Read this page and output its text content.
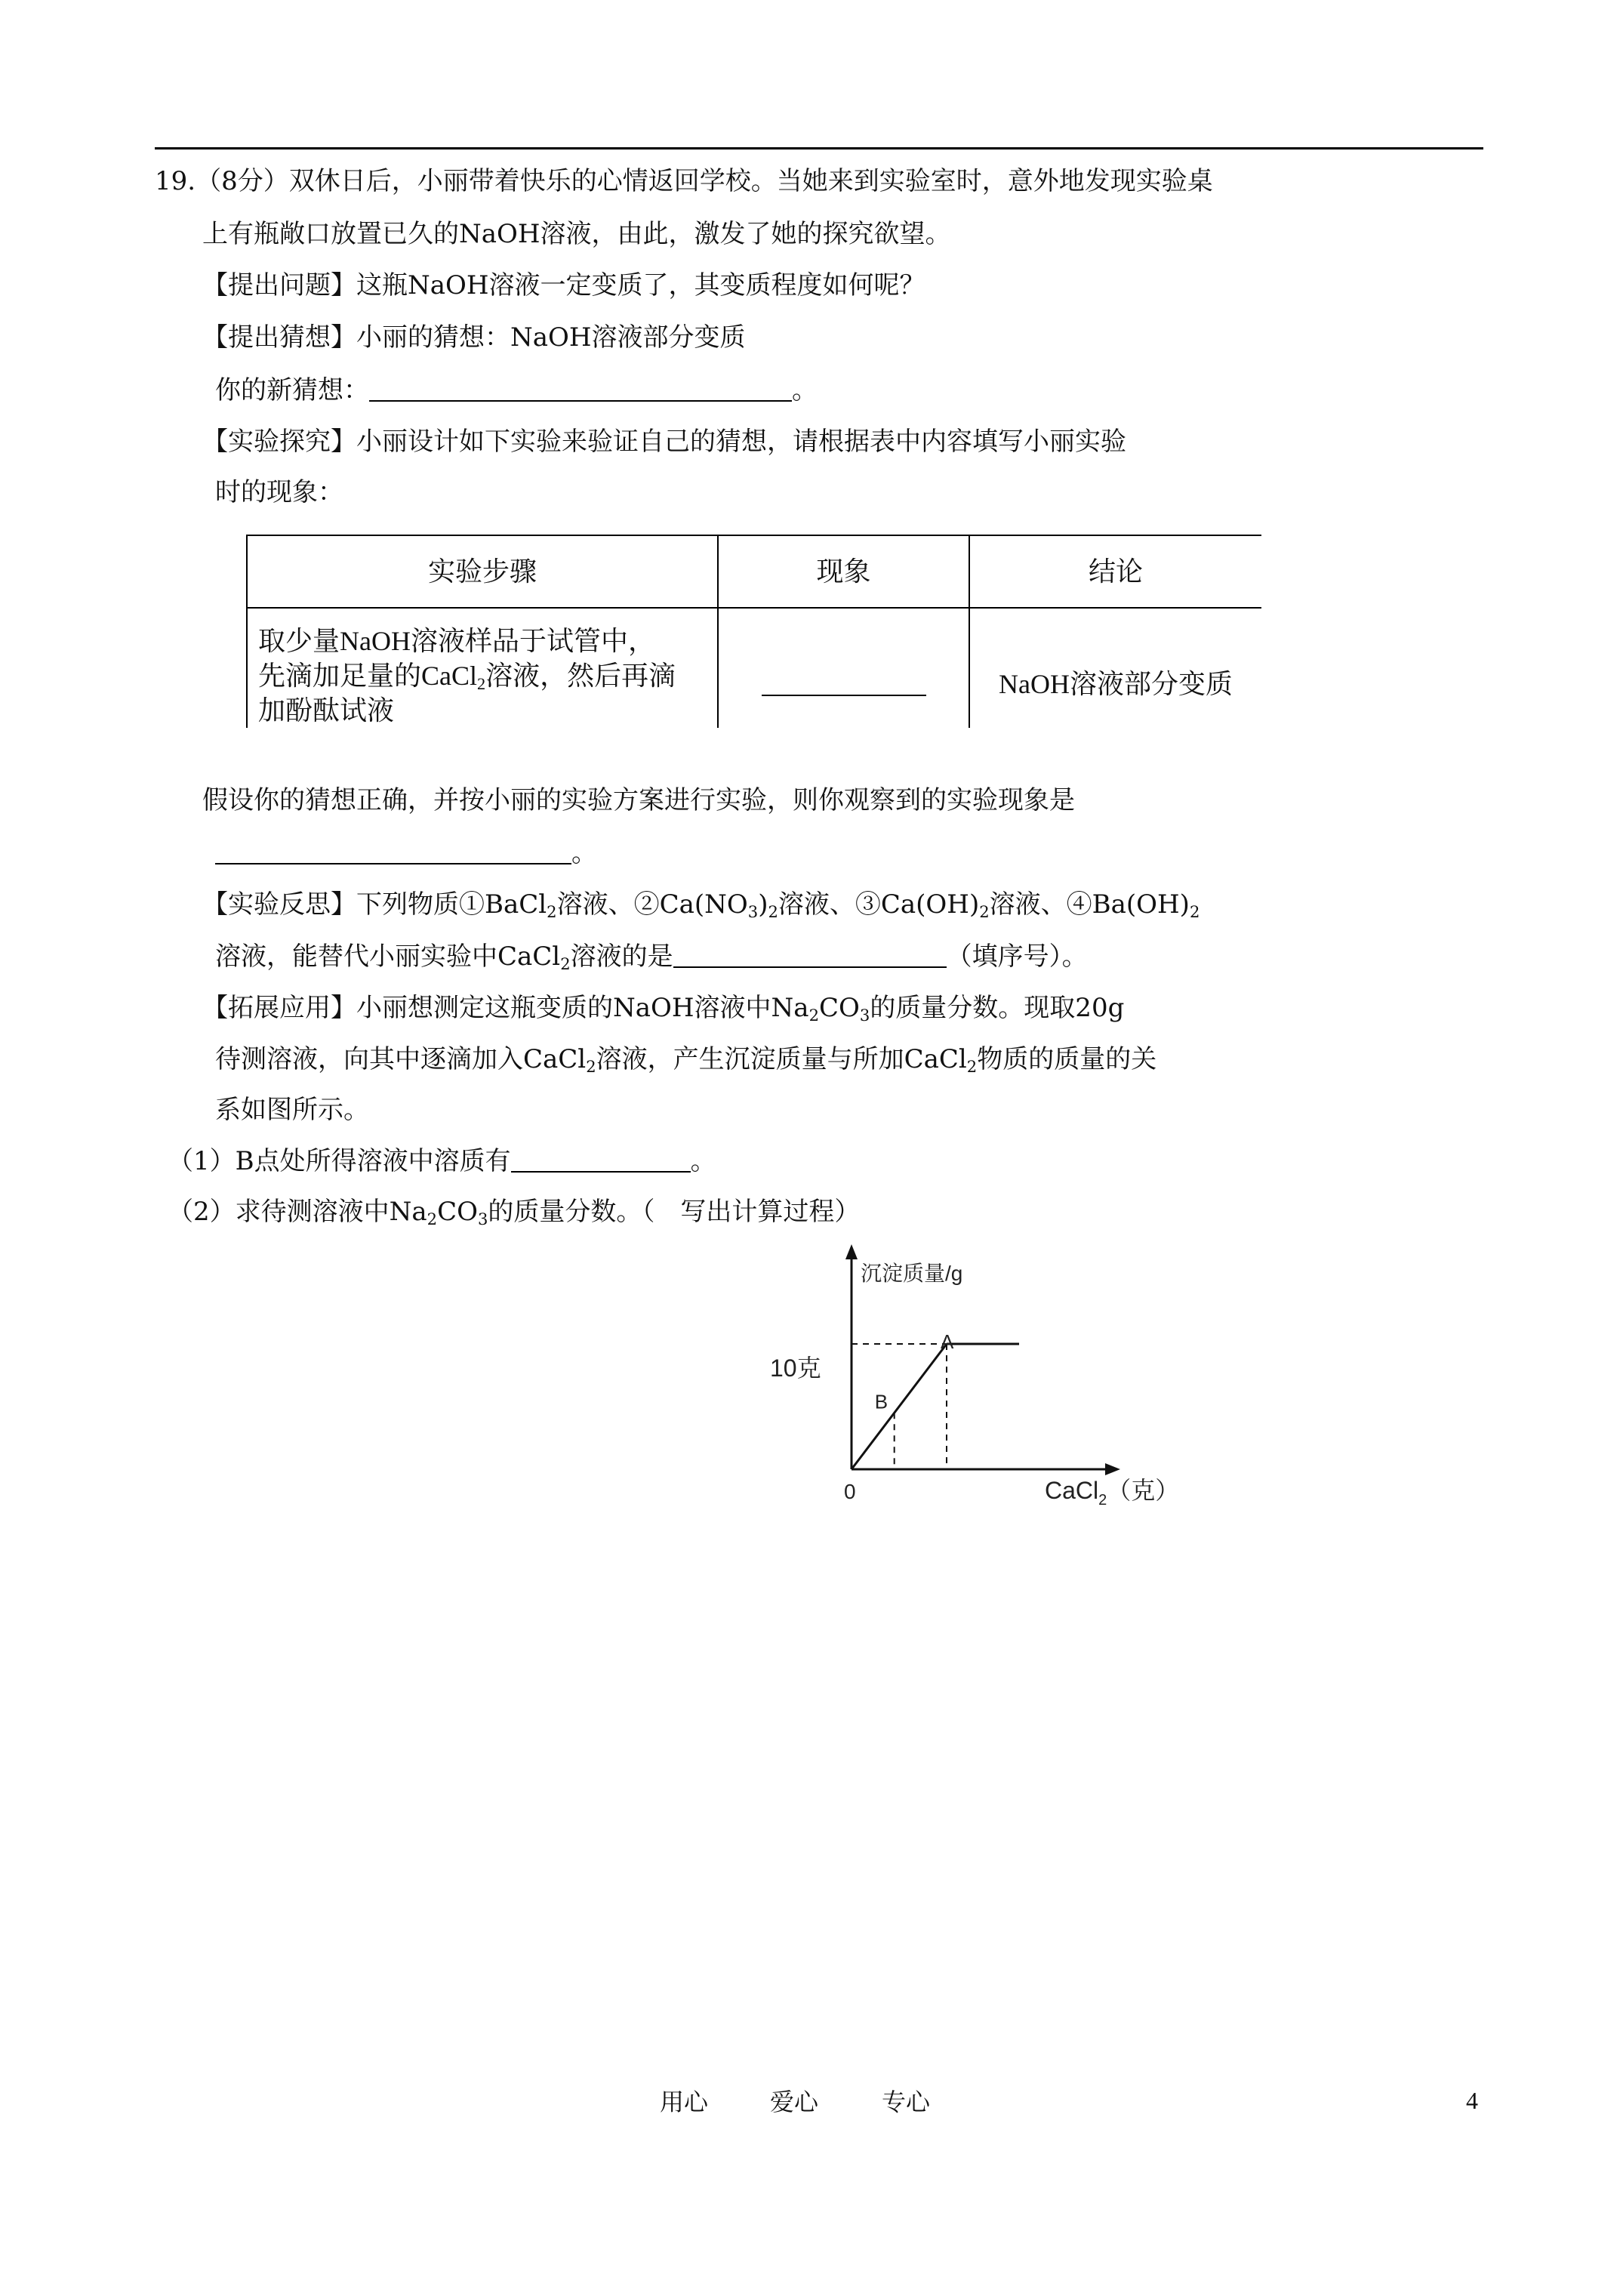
19.（8分）双休日后，小丽带着快乐的心情返回学校。当她来到实验室时，意外地发现实验桌
上有瓶敞口放置已久的NaOH溶液，由此，激发了她的探究欲望。
【提出问题】这瓶NaOH溶液一定变质了，其变质程度如何呢？
【提出猜想】小丽的猜想：NaOH溶液部分变质
你的新猜想：	。
【实验探究】小丽设计如下实验来验证自己的猜想，请根据表中内容填写小丽实验
时的现象：
实验步骤	现象	结论

取少量NaOH溶液样品于试管中，
先滴加足量的CaCl$_2$溶液，然后再滴
加酚酞试液		NaOH溶液部分变质
假设你的猜想正确，并按小丽的实验方案进行实验，则你观察到的实验现象是
。
【实验反思】下列物质①BaCl$_2$溶液、$②Ca(NO_3)_2$溶液、$③Ca(OH)_2$溶液、$④Ba(OH)_2$
溶液，能替代小丽实验中CaCl$_2$溶液的是	（填序号）。
【拓展应用】小丽想测定这瓶变质的NaOH溶液中$Na_2CO_3$的质量分数。现取20g
待测溶液，向其中逐滴加入CaCl$_2$溶液，产生沉淀质量与所加CaCl$_2$物质的质量的关
系如图所示。
（1）B点处所得溶液中溶质有	。
（2）求待测溶液中$Na_2CO_3$的质量分数。（　写出计算过程）
沉淀质量/g
10克
0	CaCl$_2$（克）
A
B
用心	爱心	专心	4
